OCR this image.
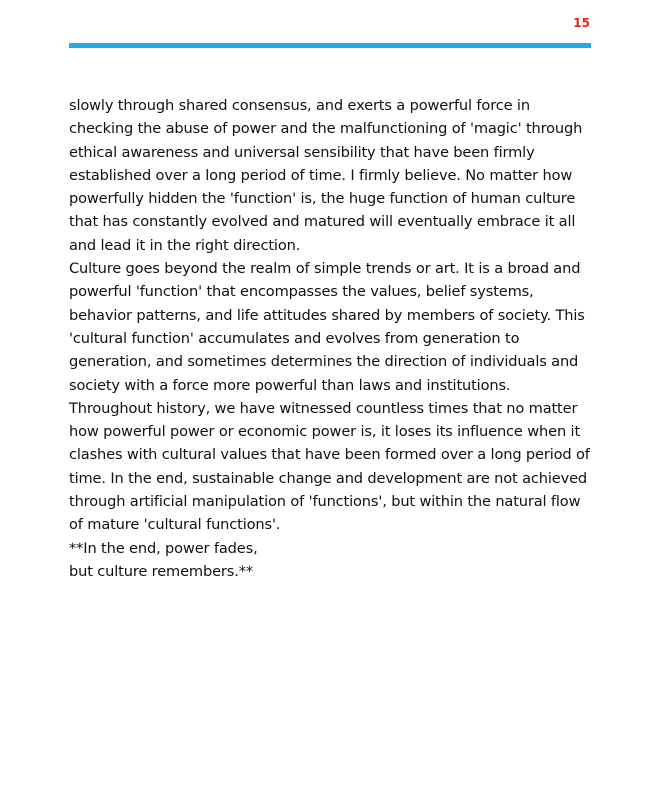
15

slowly through shared consensus, and exerts a powerful force in checking the abuse of power and the malfunctioning of 'magic' through ethical awareness and universal sensibility that have been firmly established over a long period of time. I firmly believe. No matter how powerfully hidden the 'function' is, the huge function of human culture that has constantly evolved and matured will eventually embrace it all and lead it in the right direction.

Culture goes beyond the realm of simple trends or art. It is a broad and powerful 'function' that encompasses the values, belief systems, behavior patterns, and life attitudes shared by members of society. This 'cultural function' accumulates and evolves from generation to generation, and sometimes determines the direction of individuals and society with a force more powerful than laws and institutions. Throughout history, we have witnessed countless times that no matter how powerful power or economic power is, it loses its influence when it clashes with cultural values that have been formed over a long period of time. In the end, sustainable change and development are not achieved through artificial manipulation of 'functions', but within the natural flow of mature 'cultural functions'.

**In the end, power fades,

but culture remembers.**
